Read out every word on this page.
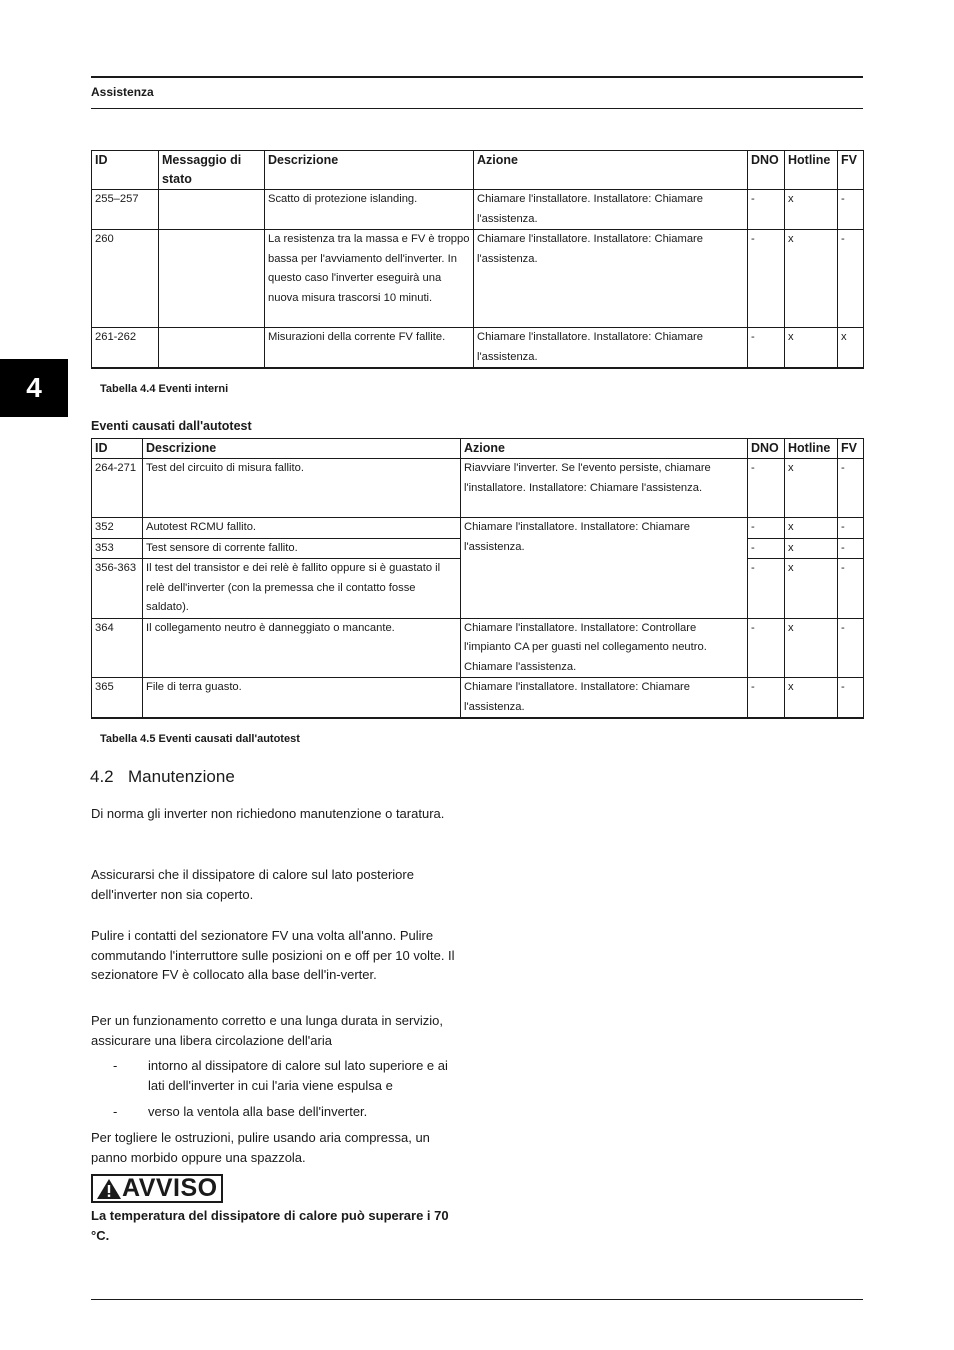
Assistenza
4
ID	Messaggio di stato	Descrizione	Azione	DNO	Hotline	FV
255–257		Scatto di protezione islanding.	Chiamare l'installatore. Installatore: Chiamare l'assistenza.	-	x	-
260		La resistenza tra la massa e FV è troppo bassa per l'avviamento dell'inverter. In questo caso l'inverter eseguirà una nuova misura trascorsi 10 minuti.	Chiamare l'installatore. Installatore: Chiamare l'assistenza.	-	x	-
261-262		Misurazioni della corrente FV fallite.	Chiamare l'installatore. Installatore: Chiamare l'assistenza.	-	x	x
Tabella 4.4 Eventi interni
Eventi causati dall'autotest
ID	Descrizione	Azione	DNO	Hotline	FV
264-271	Test del circuito di misura fallito.	Riavviare l'inverter. Se l'evento persiste, chiamare l'installatore. Installatore: Chiamare l'assistenza.	-	x	-
352	Autotest RCMU fallito.	Chiamare l'installatore. Installatore: Chiamare l'assistenza.	-	x	-
353	Test sensore di corrente fallito.		-	x	-
356-363	Il test del transistor e dei relè è fallito oppure si è guastato il relè dell'inverter (con la premessa che il contatto fosse saldato).		-	x	-
364	Il collegamento neutro è danneggiato o mancante.	Chiamare l'installatore. Installatore: Controllare l'impianto CA per guasti nel collegamento neutro. Chiamare l'assistenza.	-	x	-
365	File di terra guasto.	Chiamare l'installatore. Installatore: Chiamare l'assistenza.	-	x	-
Tabella 4.5 Eventi causati dall'autotest
4.2 Manutenzione

Di norma gli inverter non richiedono manutenzione o taratura.

Assicurarsi che il dissipatore di calore sul lato posteriore dell'inverter non sia coperto.

Pulire i contatti del sezionatore FV una volta all'anno. Pulire commutando l'interruttore sulle posizioni on e off per 10 volte. Il sezionatore FV è collocato alla base dell'in-verter.

Per un funzionamento corretto e una lunga durata in servizio, assicurare una libera circolazione dell'aria

- intorno al dissipatore di calore sul lato superiore e ai lati dell'inverter in cui l'aria viene espulsa e
- verso la ventola alla base dell'inverter.

Per togliere le ostruzioni, pulire usando aria compressa, un panno morbido oppure una spazzola.

AVVISO
La temperatura del dissipatore di calore può superare i 70 °C.
